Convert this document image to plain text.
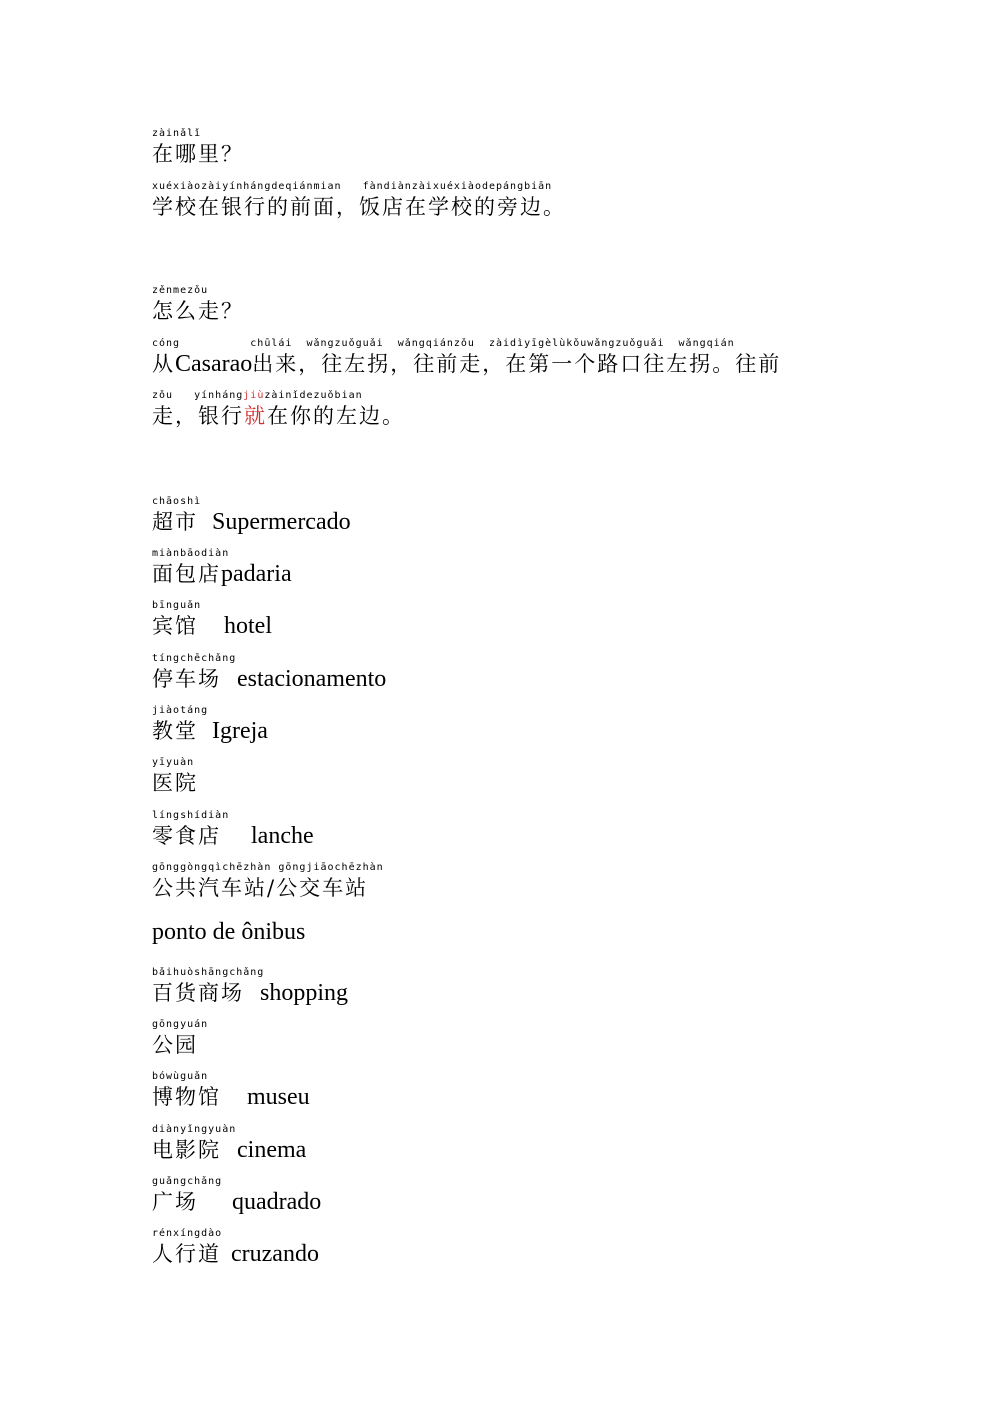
zàinǎlǐ
在哪里？
xuéxiàozàiyínhángdeqiánmian   fàndiànzàixuéxiàodepángbiān
学校在银行的前面，饭店在学校的旁边。
zěnmezǒu
怎么走？
cóng          chūlái  wǎngzuǒguǎi  wǎngqiánzǒu  zàidìyīgèlùkǒuwǎngzuǒguǎi  wǎngqián
从Casarao出来，往左拐，往前走，在第一个路口往左拐。往前
zǒu   yínhángjiùzàinǐdezuǒbian
走，银行就在你的左边。
chāoshì
超市 Supermercado
miànbāodiàn
面包店padaria
bīnguǎn
宾馆 hotel
tíngchēchǎng
停车场 estacionamento
jiàotáng
教堂 Igreja
yīyuàn
医院
língshídiàn
零食店 lanche
gōnggòngqìchēzhàn gōngjiāochēzhàn
公共汽车站/公交车站
ponto de ônibus
bǎihuòshāngchǎng
百货商场 shopping
gōngyuán
公园
bówùguǎn
博物馆 museu
diànyǐngyuàn
电影院 cinema
guǎngchǎng
广场 quadrado
rénxíngdào
人行道 cruzando
